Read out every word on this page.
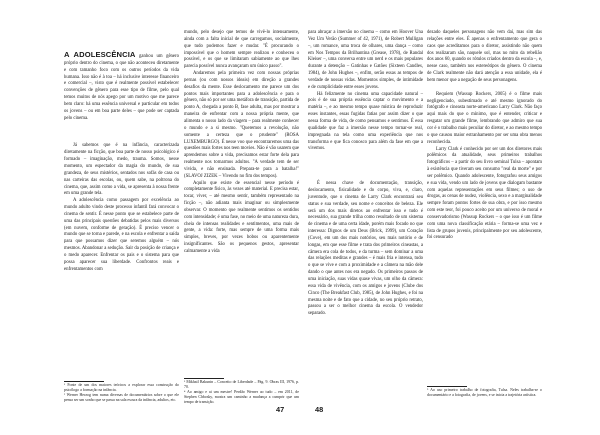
A ADOLESCÊNCIA ganhou um gênero próprio dentro do cinema, o que não aconteceu diretamente e com tamanho foco com os outros períodos da vida humana. Isso não é à toa – há inclusive interesse financeiro e comercial –, visto que é realmente possível estabelecer convenções de gênero para esse tipo de filme, pelo qual temos muitos de nós apego por um motivo que me parece bem claro: há uma essência universal e particular em todos os jovens – ou em boa parte deles – que pode ser captada pelo cinema.

Já sabemos que é na infância, caracterizada diretamente na ficção, que boa parte de nosso psicológico é formado – imaginação, medo, trauma. Somos, nesse momento, um espectador da magia do mundo, de sua grandeza, de seus mistérios, sentados nos sofás de casa ou nas carteiras das escolas, ou, quem sabe, na poltrona do cinema, que, assim como a vida, se apresenta à nossa frente em uma grande tela.

A adolescência como passagem por excelência ao mundo adulto vindo deste processo infantil fará convocar o cinema de sentir. É nesse ponto que se estabelece parte de uma das principais questões debatidas pelos mais diversos (em nuvem, conforme de geração). É preciso vencer o mundo que se torna e parede, e na escola e enfrentar a saída para que possamos dizer que seremos alguém – nós mesmos. Abandonar a sedução. Sair da posição de criança e o medo aparecer. Enfrentar os pais e o sistema para que possa aparecer sua liberdade. Confrontos reais e enfrentamentos com

¹ Fonte de um dos maiores teóricos a explorar essa construção do psicólogo a formação na infância.

² Werner Herzog tem numa diversas de documentários sobre o que ele pensa ser um sonho que se passa na sala escura da infância, adultos, etc.

mundo, pelo desejo que temos de vivê-lo intensamente, ainda com a falta inicial de que carregamos, socialmente, que tudo podemos fazer e mudar. "É procurando o impossível que o homem sempre realizou e conheceu o possível, e os que se limitaram sabiamente ao que lhes parecia possível nunca avançaram um único passo".

Andaremos pela primeira vez com nossas próprias pernas (ou com nossos ideais) em direção a grandes desafios da mente. Esse deslocamento me parece um dos pontos mais importantes para a adolescência e para o gênero, não só por ser uma metáfora de transição, partida de ponto A, chegada a ponto B, fase adulta, mas por mostrar a maneira de enfrentar com a nossa própria mente, que alimenta o nosso lado da viagem – para realmente conhecer o mundo e a si mesmo. "Queremos a revolução, não somente a certeza que o prudente" (ROSA LUXEMBURGO). É nesse voo que encontraremos uma das questões mais fortes nos teen movies. Não é vão usarem que aprendemos sobre a vida, precisamos estar forte dela para realmente nos tornarmos adultos. "A verdade tem de ser vivida, e não ensinada. Prepara-te para a batalha!" (SLAVOJ ZIZEK – Vivendo no fim dos tempos).

Aquilo que existe de essencial nesse período é completamente físico, às vezes até material. E precisa estar, tocar, viver, – até mesmo sentir, também representado na ficção –, não adianta mais imaginar ou simplesmente observar. O momento que realmente sentimos os sentidos com intensidade; é uma fase, no meio de uma natureza dura, cheia de intensas realidades e sentimentos, uma mais de gente, a vida: forte, mas sempre de uma forma mais simples, breves, por vezes bobos ou aparentemente insignificantes. São os pequenos gestos, apresentar calmamente a vida

³ Mikhail Bakunin – Conceito de Liberdade – Pág. 9. Obras III, 1976, p. 70.

⁴ Ao amigo e ai um mestre! Perdão Werner ao tudo – em 2011, de Stephen Chbosky, mostra um caminho a mudança a cumprir que um tempo de transição.

47

para abraçar a imersão no cinema – como em Hoover Una Vez Um Verão (Summer of 42, 1971), de Robert Mulligan –, um romance, uma troca de olhares, uma dança – como em Nos Tempos da Brilhantina (Grease, 1978), de Randal Kleiser –, uma conversa entre um nerd e os mais populares durante a detenção – Gatinhas e Gatões (Sixteen Candles, 1984), de John Hughes –, enfim, serão essas as tempos de verdade de nossas vidas. Momentos simples, de intimidade e de cumplicidade entre esses jovens.

Há felizmente no cinema uma capacidade natural – pois é de sua própria essência captar o movimento e a matéria –, e ao mesmo tempo quase mística de reproduzir esses instantes, essas fugidas fatias por assim dizer o que nessa forma de vida, de como pensamos e sentimos. É essa qualidade que faz a imersão nesse tempo tornar-se real, impregnada na tela como uma experiência que nos transforma e que fica conosco para além da fase em que a vivemos.

É nessa chave de documentação, transição, deslocamento, fisicalidade e do corpo, viva, e, claro, juventude, que o cinema de Larry Clark encontrará seu status e sua verdade, seu nome e conceitos de beleza. Ele será um dos mais diretos ao enfrentar isso e tudo é necessário, sua grande trilha como resultado de um sistema de cinema e de uma certa idade, porém mais focado no que interessa: Dignos de um Deus (Brick, 1999), um Coração (Cove), em um dos mais notórios, seu mais notório e de longas, em que esse filme e trata dos primeiros cineastas, a câmera era cola de todos, e da turma – sem dominar a uma das relações meditas e grandes – é mais fria e intensa, tudo o que se vive e com a proximidade e a câmera na mão dele dando o que antes nos era negado. Os primeiros passos de uma iniciação, suas vidas quase vivas, um olho da câmera: essa vida de vivência, com os amigos e jovens (Clube dos Cinco (The Breakfast Club, 1985), de John Hughes, e foi na mesma noite e de fato que a cidade, no seu próprio retrato, passou a ser o melhor cinema da escola. O vendedor separado.

dezado daqueles personagens não vem daí, mas sim das relações entre eles. É apenas o enfrentamento que gera o caos que acreditamos para o diretor, assistindo não quem dos realizaram são, naquele sol, mas no mito da rebelião dos anos 60, quando os rótulos criados dentro da escola –, e, nesse caso, também nos estereótipos do gênero. O cinema de Clark realmente não dará atenção a essa unidade, ela é bem menor que a negação de seus personagens.

Requiem (Wassup Rockers, 2005) é o filme mais negligenciado, subestimado e até mesmo ignorado do fotógrafo e cineasta norte-americano Larry Clark. Não faço aqui mais do que o mínimo, que é entender, criticar e resgatar um grande filme, lembrando que admiro que sua cor é o trabalho mais peculiar do diretor, e ao mesmo tempo o que causou maior estranhamento por ser uma obra menos reconhecida.

Larry Clark é conhecido por ser um dos diretores mais polêmicos da atualidade, seus primeiros trabalhos fotográficos – a partir do seu livro seminal Tulsa – apontam à existência que tiveram seu consumo "real da morte" e por ser polêmico. Quando adolescente, fotografou seus amigos e sua vida, vendo um lado de jovens que dialogam bastante com aquelas representações em seus filmes; o uso de drogas, as cenas de nudez, violência, sexo e a marginalidade sempre foram pontos fortes de sua obra, e por isso mesmo com este teor, foi pouco aceito por um universo de moral e conservadorismo (Wassup Rockers – o que isso é um filme com uma nova classificação etária – forma-se uma vez e lista de grupos juvenis, principalmente por seu adolescente, foi censurado

⁵ Ao uso primeiro trabalho de fotografia, Tulsa. Neles trabalha-se o documentário e a fotografia, de jovens, e se inicia a trajetória artística.

48
